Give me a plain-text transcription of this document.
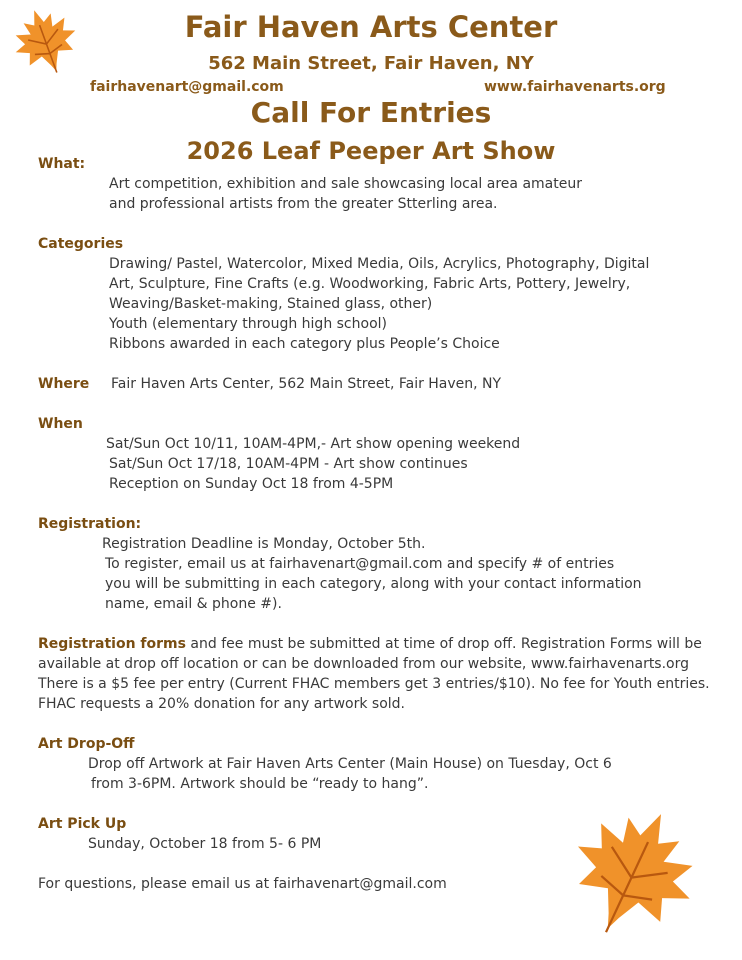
Fair Haven Arts Center
562 Main Street, Fair Haven, NY
fairhavenart@gmail.com	www.fairhavenarts.org
Call For Entries
2026 Leaf Peeper Art Show
What:
Art competition, exhibition and sale showcasing local area amateur
and professional artists from the greater Stterling area.
Categories
Drawing/ Pastel, Watercolor, Mixed Media, Oils, Acrylics, Photography, Digital
Art, Sculpture, Fine Crafts (e.g. Woodworking, Fabric Arts, Pottery, Jewelry,
Weaving/Basket-making, Stained glass, other)
Youth (elementary through high school)
Ribbons awarded in each category plus People’s Choice
Where Fair Haven Arts Center, 562 Main Street, Fair Haven, NY
When
Sat/Sun Oct 10/11, 10AM-4PM,- Art show opening weekend
Sat/Sun Oct 17/18, 10AM-4PM - Art show continues
Reception on Sunday Oct 18 from 4-5PM
Registration:
Registration Deadline is Monday, October 5th.
To register, email us at fairhavenart@gmail.com and specify # of entries
you will be submitting in each category, along with your contact information
name, email & phone #).
Registration forms and fee must be submitted at time of drop off. Registration Forms will be
available at drop off location or can be downloaded from our website, www.fairhavenarts.org
There is a $5 fee per entry (Current FHAC members get 3 entries/$10). No fee for Youth entries.
FHAC requests a 20% donation for any artwork sold.
Art Drop-Off
Drop off Artwork at Fair Haven Arts Center (Main House) on Tuesday, Oct 6
from 3-6PM. Artwork should be “ready to hang”.
Art Pick Up
Sunday, October 18 from 5- 6 PM
For questions, please email us at fairhavenart@gmail.com
